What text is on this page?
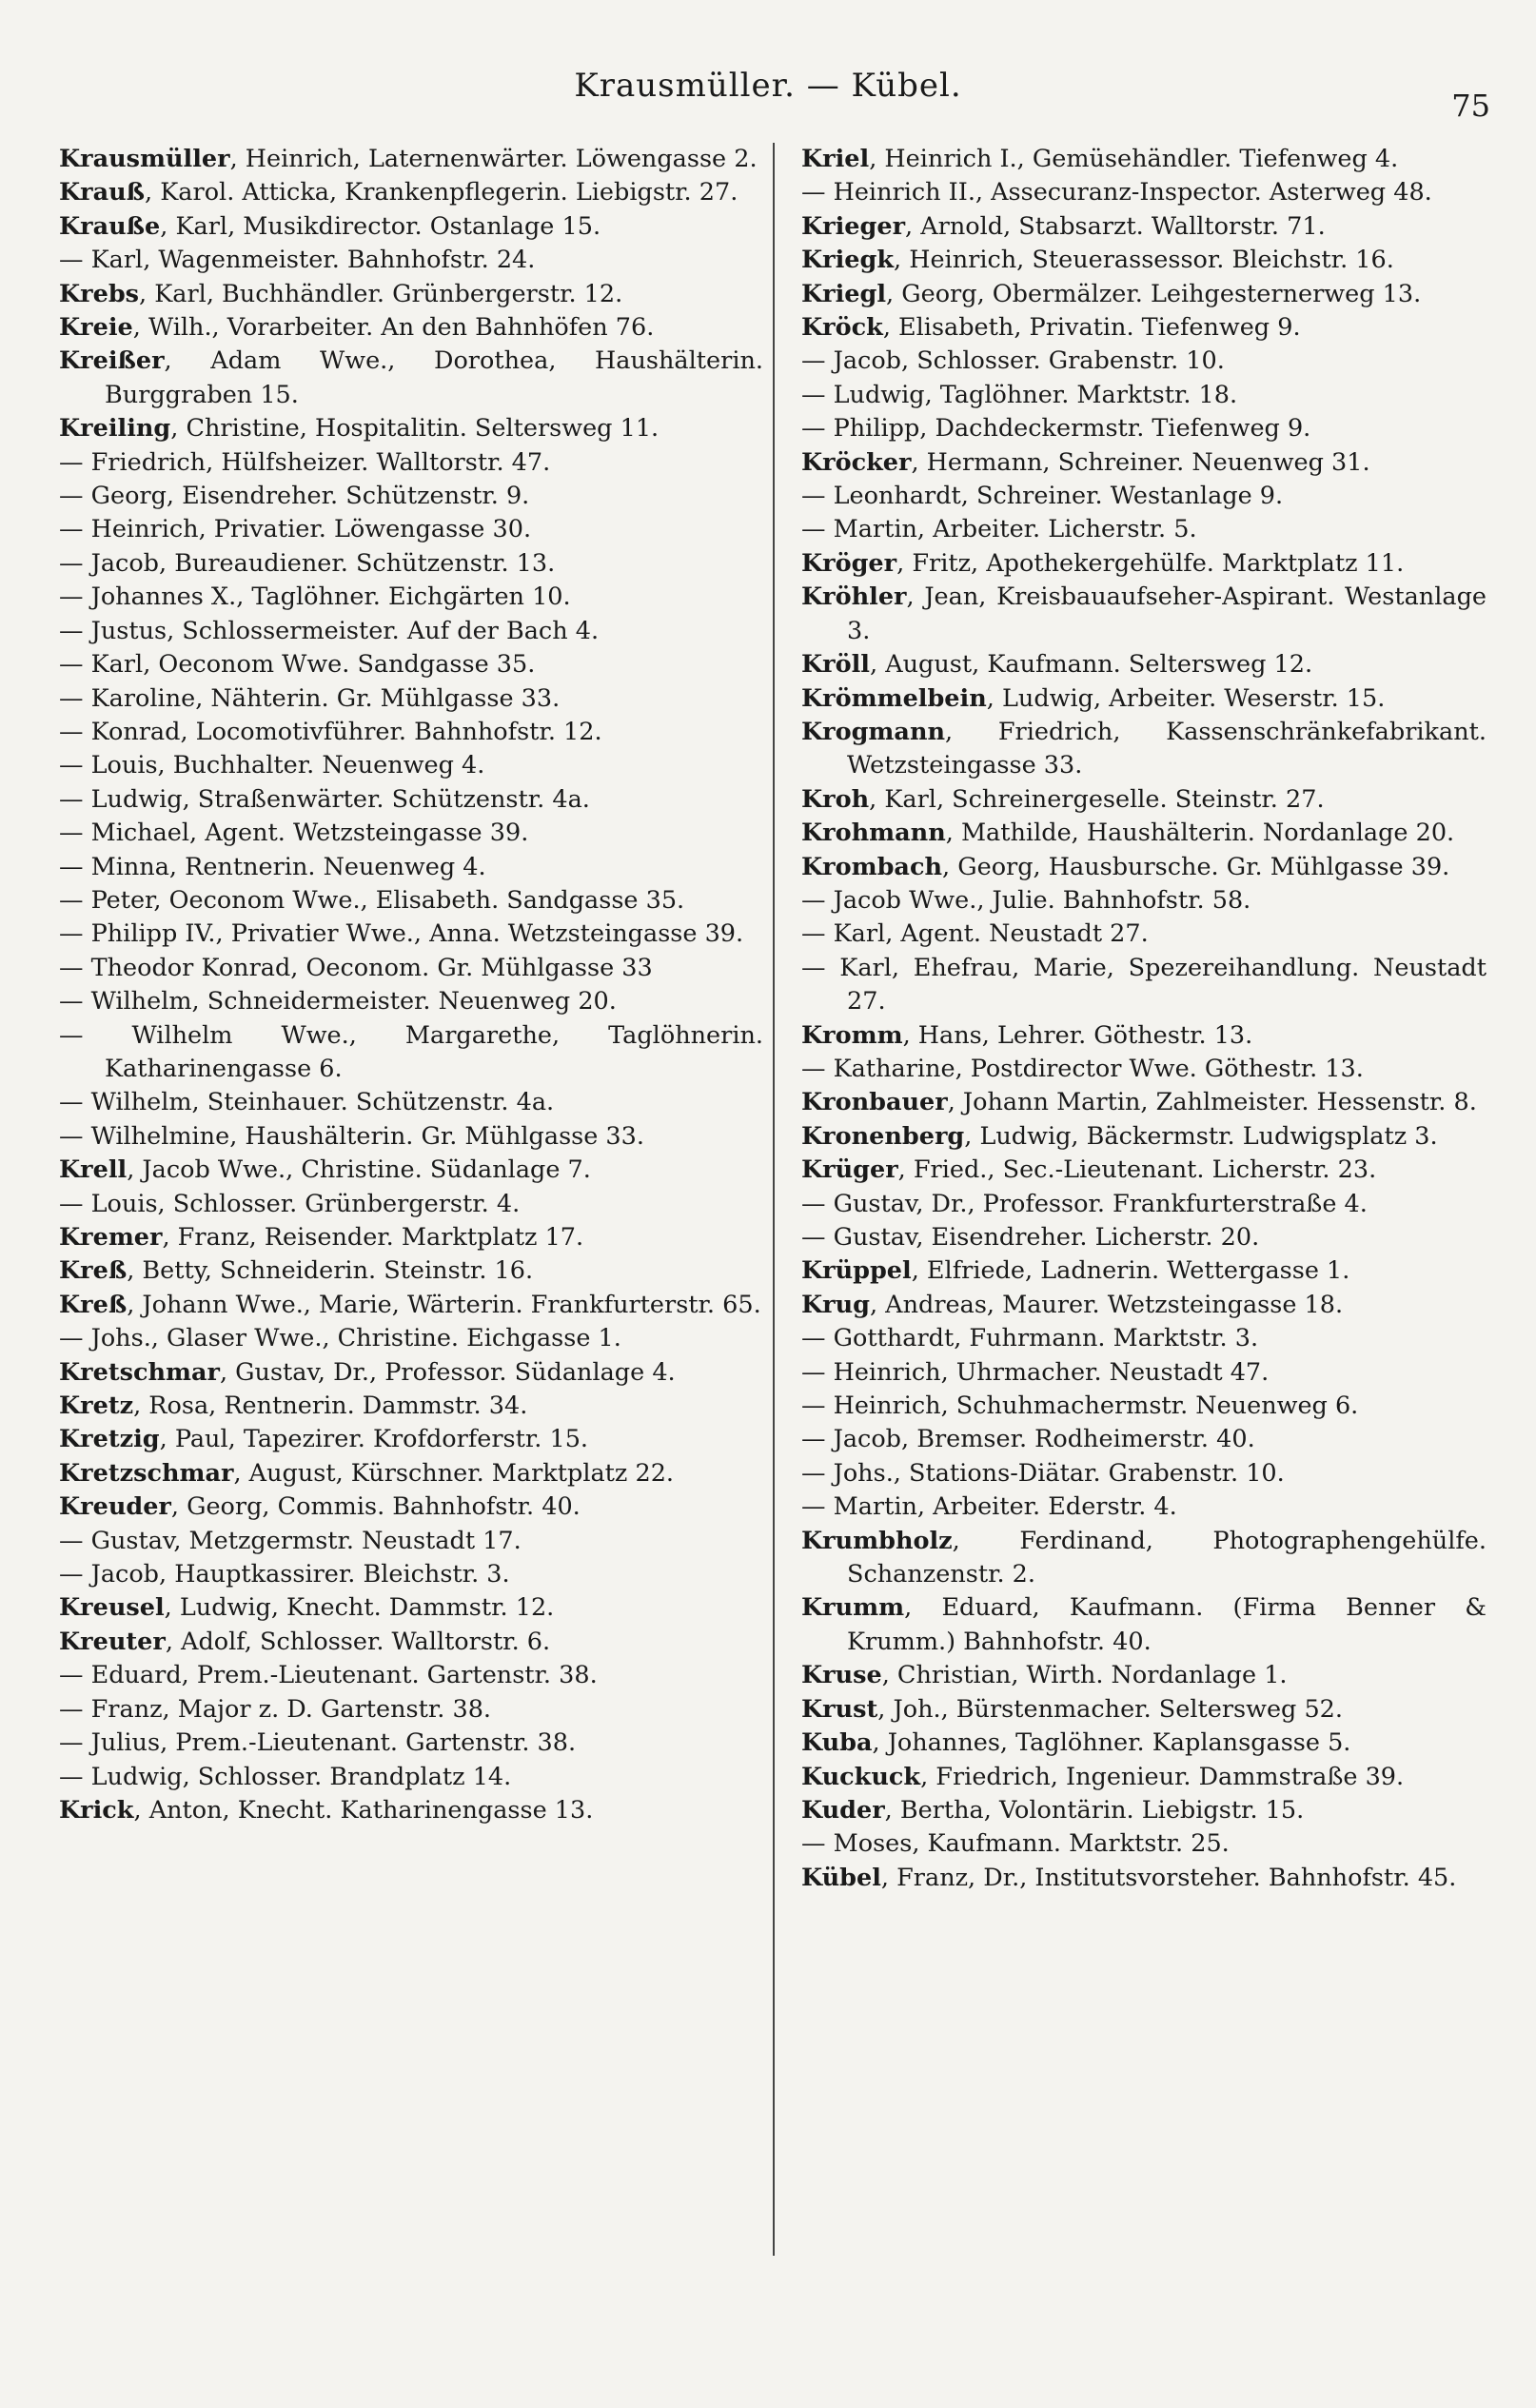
Krausmüller. — Kübel.
75

Krausmüller, Heinrich, Laternenwärter. Löwengasse 2.

Krauß, Karol. Atticka, Krankenpflegerin. Liebigstr. 27.

Krauße, Karl, Musikdirector. Ostanlage 15.

— Karl, Wagenmeister. Bahnhofstr. 24.

Krebs, Karl, Buchhändler. Grünbergerstr. 12.

Kreie, Wilh., Vorarbeiter. An den Bahnhöfen 76.

Kreißer, Adam Wwe., Dorothea, Haushälterin. Burggraben 15.

Kreiling, Christine, Hospitalitin. Seltersweg 11.

— Friedrich, Hülfsheizer. Walltorstr. 47.

— Georg, Eisendreher. Schützenstr. 9.

— Heinrich, Privatier. Löwengasse 30.

— Jacob, Bureaudiener. Schützenstr. 13.

— Johannes X., Taglöhner. Eichgärten 10.

— Justus, Schlossermeister. Auf der Bach 4.

— Karl, Oeconom Wwe. Sandgasse 35.

— Karoline, Nähterin. Gr. Mühlgasse 33.

— Konrad, Locomotivführer. Bahnhofstr. 12.

— Louis, Buchhalter. Neuenweg 4.

— Ludwig, Straßenwärter. Schützenstr. 4a.

— Michael, Agent. Wetzsteingasse 39.

— Minna, Rentnerin. Neuenweg 4.

— Peter, Oeconom Wwe., Elisabeth. Sandgasse 35.

— Philipp IV., Privatier Wwe., Anna. Wetzsteingasse 39.

— Theodor Konrad, Oeconom. Gr. Mühlgasse 33

— Wilhelm, Schneidermeister. Neuenweg 20.

— Wilhelm Wwe., Margarethe, Taglöhnerin. Katharinengasse 6.

— Wilhelm, Steinhauer. Schützenstr. 4a.

— Wilhelmine, Haushälterin. Gr. Mühlgasse 33.

Krell, Jacob Wwe., Christine. Südanlage 7.

— Louis, Schlosser. Grünbergerstr. 4.

Kremer, Franz, Reisender. Marktplatz 17.

Kreß, Betty, Schneiderin. Steinstr. 16.

Kreß, Johann Wwe., Marie, Wärterin. Frankfurterstr. 65.

— Johs., Glaser Wwe., Christine. Eichgasse 1.

Kretschmar, Gustav, Dr., Professor. Südanlage 4.

Kretz, Rosa, Rentnerin. Dammstr. 34.

Kretzig, Paul, Tapezirer. Krofdorferstr. 15.

Kretzschmar, August, Kürschner. Marktplatz 22.

Kreuder, Georg, Commis. Bahnhofstr. 40.

— Gustav, Metzgermstr. Neustadt 17.

— Jacob, Hauptkassirer. Bleichstr. 3.

Kreusel, Ludwig, Knecht. Dammstr. 12.

Kreuter, Adolf, Schlosser. Walltorstr. 6.

— Eduard, Prem.-Lieutenant. Gartenstr. 38.

— Franz, Major z. D. Gartenstr. 38.

— Julius, Prem.-Lieutenant. Gartenstr. 38.

— Ludwig, Schlosser. Brandplatz 14.

Krick, Anton, Knecht. Katharinengasse 13.

Kriel, Heinrich I., Gemüsehändler. Tiefenweg 4.

— Heinrich II., Assecuranz-Inspector. Asterweg 48.

Krieger, Arnold, Stabsarzt. Walltorstr. 71.

Kriegk, Heinrich, Steuerassessor. Bleichstr. 16.

Kriegl, Georg, Obermälzer. Leihgesternerweg 13.

Kröck, Elisabeth, Privatin. Tiefenweg 9.

— Jacob, Schlosser. Grabenstr. 10.

— Ludwig, Taglöhner. Marktstr. 18.

— Philipp, Dachdeckermstr. Tiefenweg 9.

Kröcker, Hermann, Schreiner. Neuenweg 31.

— Leonhardt, Schreiner. Westanlage 9.

— Martin, Arbeiter. Licherstr. 5.

Kröger, Fritz, Apothekergehülfe. Marktplatz 11.

Kröhler, Jean, Kreisbauaufseher-Aspirant. Westanlage 3.

Kröll, August, Kaufmann. Seltersweg 12.

Krömmelbein, Ludwig, Arbeiter. Weserstr. 15.

Krogmann, Friedrich, Kassenschränkefabrikant. Wetzsteingasse 33.

Kroh, Karl, Schreinergeselle. Steinstr. 27.

Krohmann, Mathilde, Haushälterin. Nordanlage 20.

Krombach, Georg, Hausbursche. Gr. Mühlgasse 39.

— Jacob Wwe., Julie. Bahnhofstr. 58.

— Karl, Agent. Neustadt 27.

— Karl, Ehefrau, Marie, Spezereihandlung. Neustadt 27.

Kromm, Hans, Lehrer. Göthestr. 13.

— Katharine, Postdirector Wwe. Göthestr. 13.

Kronbauer, Johann Martin, Zahlmeister. Hessenstr. 8.

Kronenberg, Ludwig, Bäckermstr. Ludwigsplatz 3.

Krüger, Fried., Sec.-Lieutenant. Licherstr. 23.

— Gustav, Dr., Professor. Frankfurterstraße 4.

— Gustav, Eisendreher. Licherstr. 20.

Krüppel, Elfriede, Ladnerin. Wettergasse 1.

Krug, Andreas, Maurer. Wetzsteingasse 18.

— Gotthardt, Fuhrmann. Marktstr. 3.

— Heinrich, Uhrmacher. Neustadt 47.

— Heinrich, Schuhmachermstr. Neuenweg 6.

— Jacob, Bremser. Rodheimerstr. 40.

— Johs., Stations-Diätar. Grabenstr. 10.

— Martin, Arbeiter. Ederstr. 4.

Krumbholz, Ferdinand, Photographengehülfe. Schanzenstr. 2.

Krumm, Eduard, Kaufmann. (Firma Benner & Krumm.) Bahnhofstr. 40.

Kruse, Christian, Wirth. Nordanlage 1.

Krust, Joh., Bürstenmacher. Seltersweg 52.

Kuba, Johannes, Taglöhner. Kaplansgasse 5.

Kuckuck, Friedrich, Ingenieur. Dammstraße 39.

Kuder, Bertha, Volontärin. Liebigstr. 15.

— Moses, Kaufmann. Marktstr. 25.

Kübel, Franz, Dr., Institutsvorsteher. Bahnhofstr. 45.
